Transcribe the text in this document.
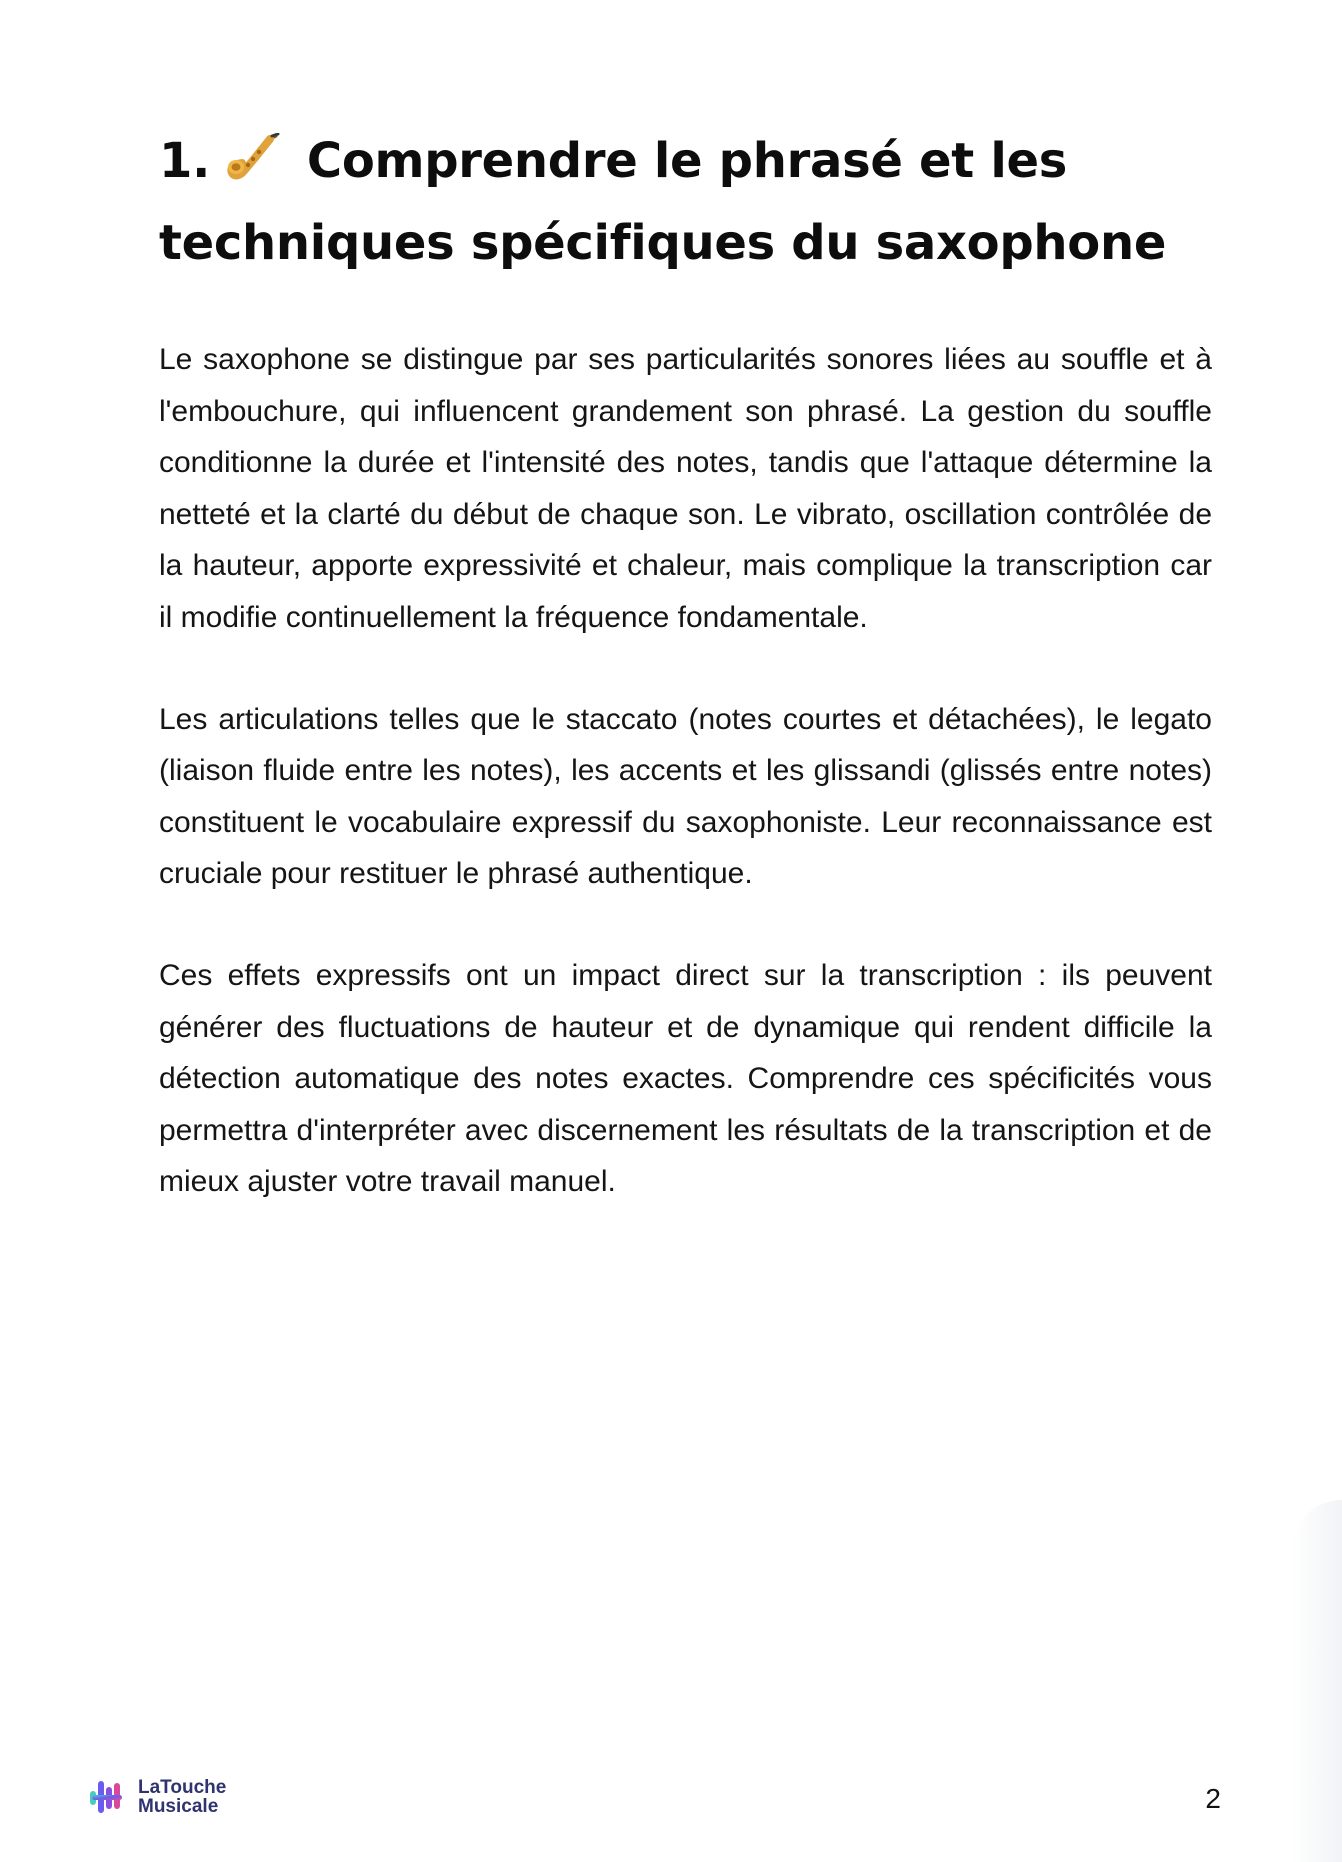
1. Comprendre le phrasé et les techniques spécifiques du saxophone

Le saxophone se distingue par ses particularités sonores liées au souffle et à l'embouchure, qui influencent grandement son phrasé. La gestion du souffle conditionne la durée et l'intensité des notes, tandis que l'attaque détermine la netteté et la clarté du début de chaque son. Le vibrato, oscillation contrôlée de la hauteur, apporte expressivité et chaleur, mais complique la transcription car il modifie continuellement la fréquence fondamentale.

Les articulations telles que le staccato (notes courtes et détachées), le legato (liaison fluide entre les notes), les accents et les glissandi (glissés entre notes) constituent le vocabulaire expressif du saxophoniste. Leur reconnaissance est cruciale pour restituer le phrasé authentique.

Ces effets expressifs ont un impact direct sur la transcription : ils peuvent générer des fluctuations de hauteur et de dynamique qui rendent difficile la détection automatique des notes exactes. Comprendre ces spécificités vous permettra d'interpréter avec discernement les résultats de la transcription et de mieux ajuster votre travail manuel.

LaTouche
Musicale	2
